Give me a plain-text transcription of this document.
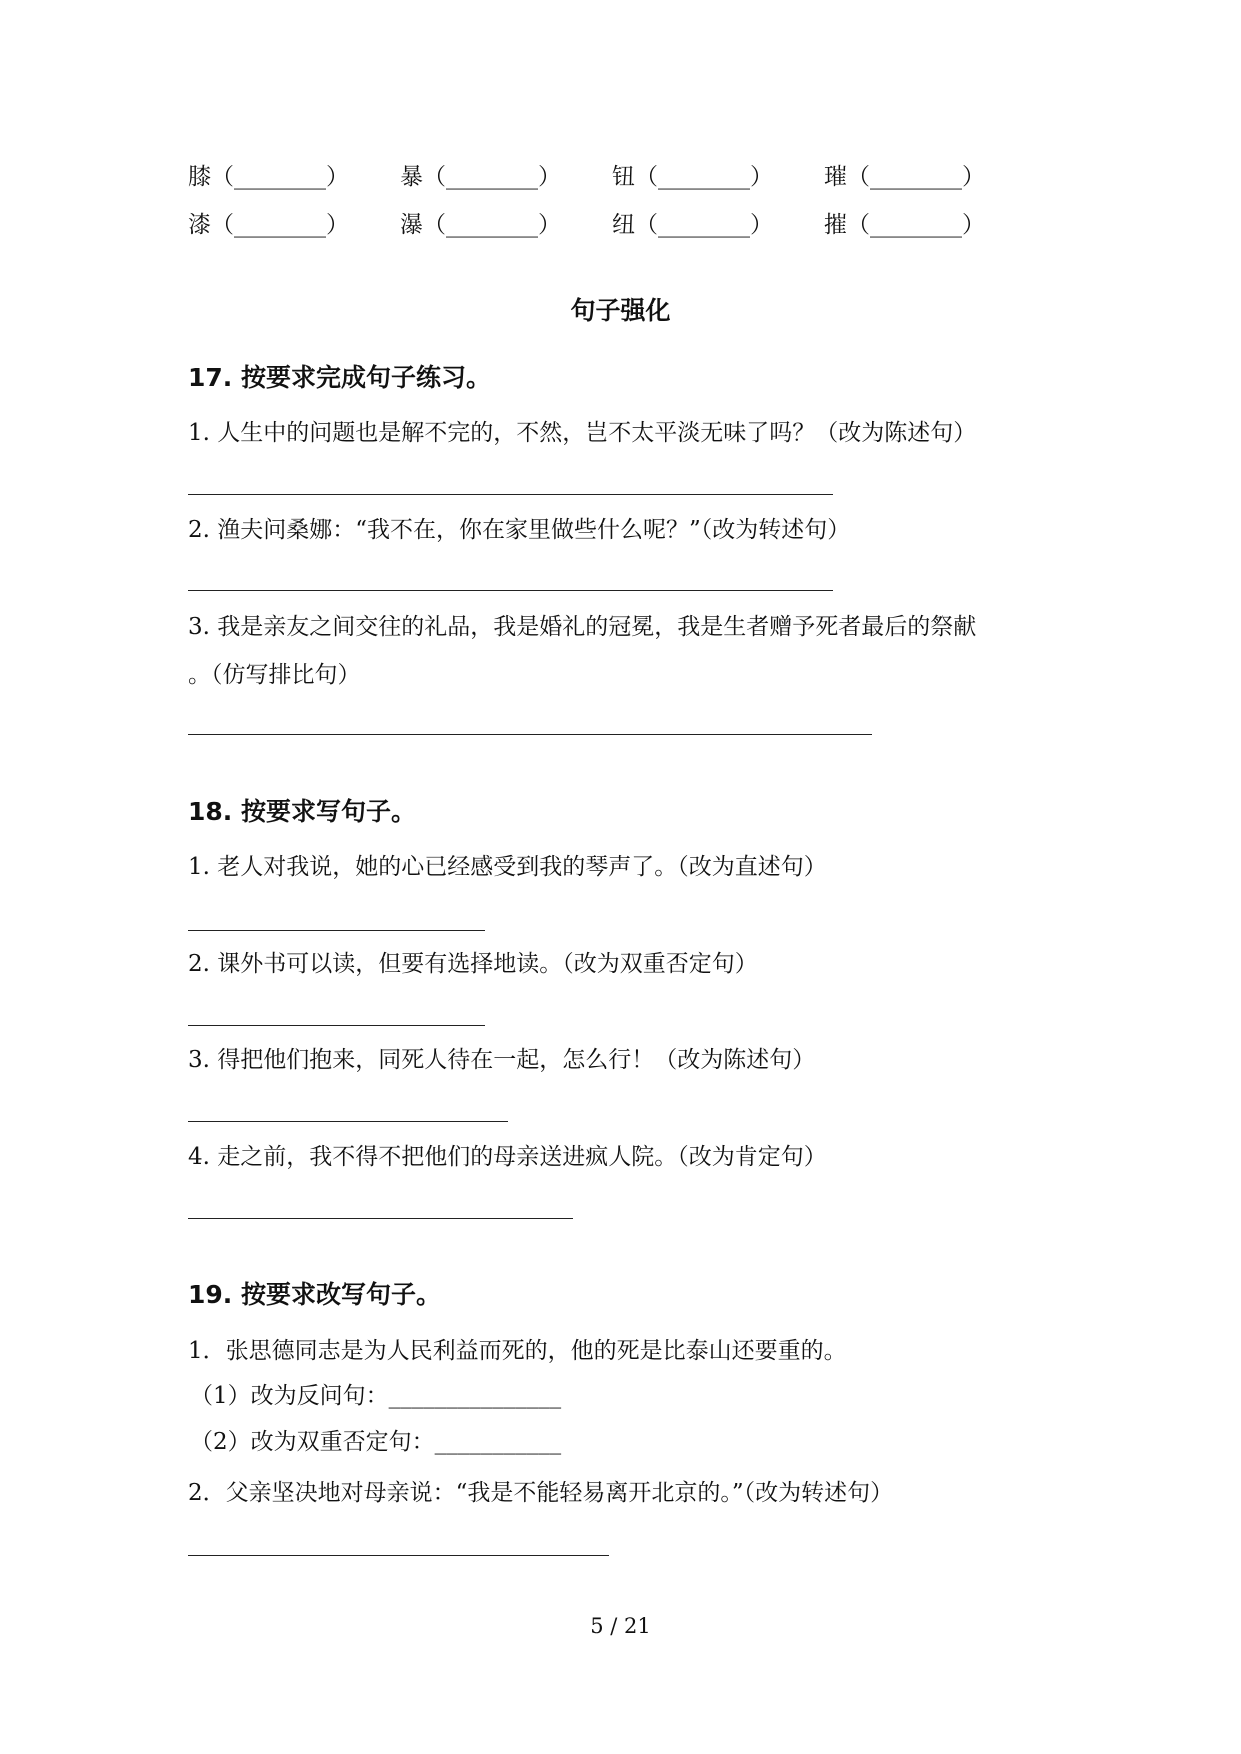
膝（________） 暴（________） 钮（________） 璀（________）
漆（________） 瀑（________） 纽（________） 摧（________）
句子强化
17. 按要求完成句子练习。
1. 人生中的问题也是解不完的，不然，岂不太平淡无味了吗？（改为陈述句）
2. 渔夫问桑娜：“我不在，你在家里做些什么呢？”（改为转述句）
3. 我是亲友之间交往的礼品，我是婚礼的冠冕，我是生者赠予死者最后的祭献
。（仿写排比句）
18. 按要求写句子。
1. 老人对我说，她的心已经感受到我的琴声了。（改为直述句）
2. 课外书可以读，但要有选择地读。（改为双重否定句）
3. 得把他们抱来，同死人待在一起，怎么行！（改为陈述句）
4. 走之前，我不得不把他们的母亲送进疯人院。（改为肯定句）
19. 按要求改写句子。
1．张思德同志是为人民利益而死的，他的死是比泰山还要重的。
（1）改为反问句：_______________
（2）改为双重否定句：___________
2．父亲坚决地对母亲说：“我是不能轻易离开北京的。”（改为转述句）
5 / 21
